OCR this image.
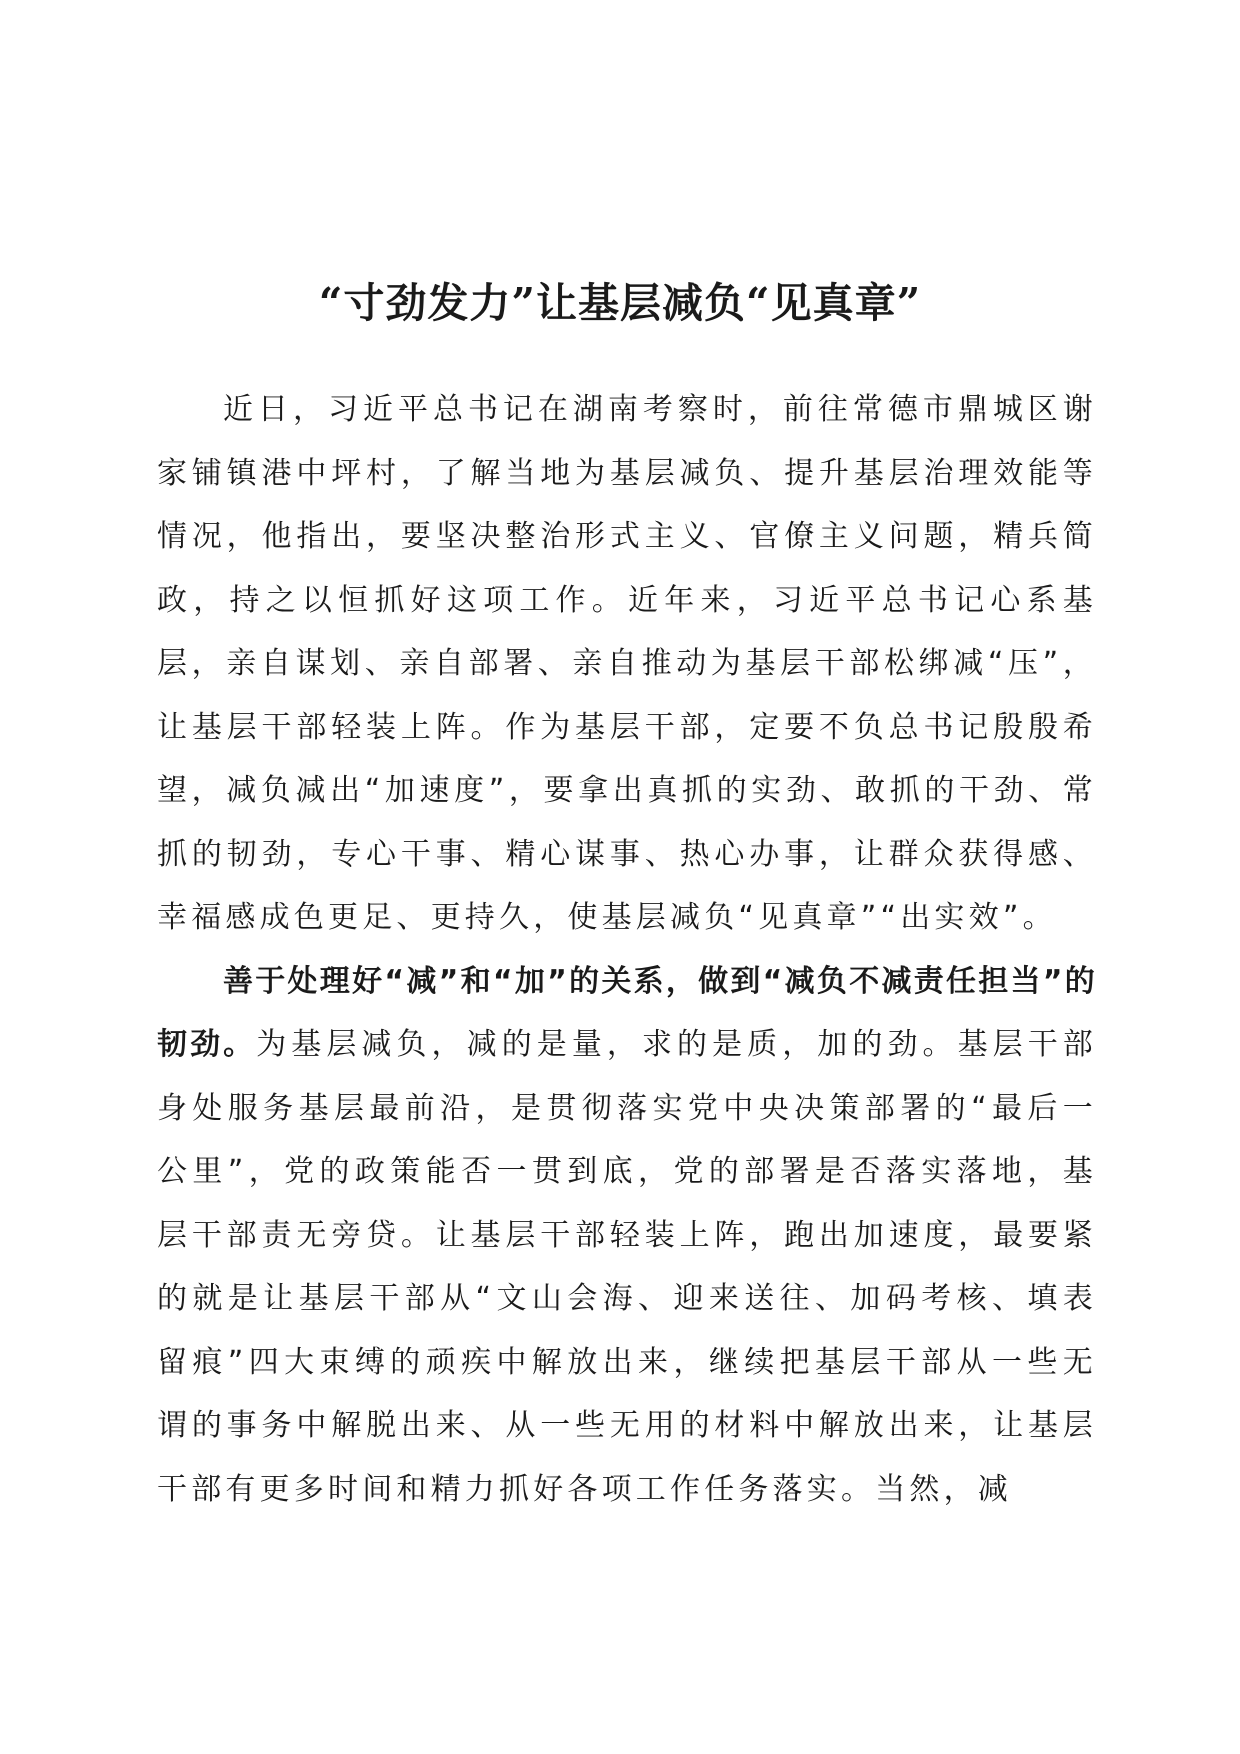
“寸劲发力”让基层减负“见真章”

近日，习近平总书记在湖南考察时，前往常德市鼎城区谢家铺镇港中坪村，了解当地为基层减负、提升基层治理效能等情况，他指出，要坚决整治形式主义、官僚主义问题，精兵简政，持之以恒抓好这项工作。近年来，习近平总书记心系基层，亲自谋划、亲自部署、亲自推动为基层干部松绑减“压”，让基层干部轻装上阵。作为基层干部，定要不负总书记殷殷希望，减负减出“加速度”，要拿出真抓的实劲、敢抓的干劲、常抓的韧劲，专心干事、精心谋事、热心办事，让群众获得感、幸福感成色更足、更持久，使基层减负“见真章”“出实效”。

善于处理好“减”和“加”的关系，做到“减负不减责任担当”的韧劲。为基层减负，减的是量，求的是质，加的劲。基层干部身处服务基层最前沿，是贯彻落实党中央决策部署的“最后一公里”，党的政策能否一贯到底，党的部署是否落实落地，基层干部责无旁贷。让基层干部轻装上阵，跑出加速度，最要紧的就是让基层干部从“文山会海、迎来送往、加码考核、填表留痕”四大束缚的顽疾中解放出来，继续把基层干部从一些无谓的事务中解脱出来、从一些无用的材料中解放出来，让基层干部有更多时间和精力抓好各项工作任务落实。当然，减
